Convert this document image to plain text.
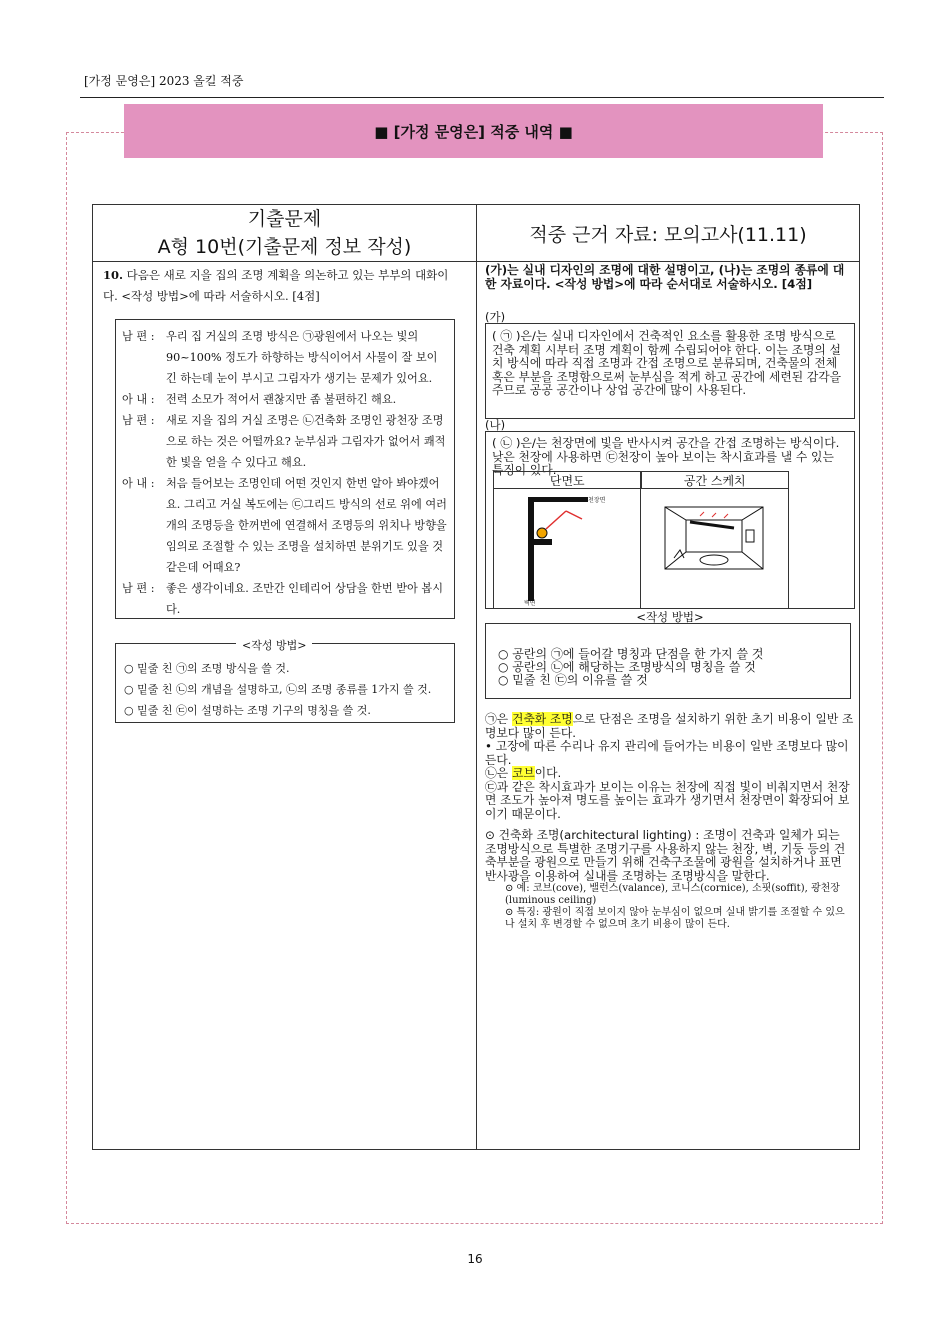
[가정 문영은] 2023 올킬 적중
■ [가정 문영은] 적중 내역 ■
기출문제
A형 10번(기출문제 정보 작성)
적중 근거 자료: 모의고사(11.11)
10. 다음은 새로 지을 집의 조명 계획을 의논하고 있는 부부의 대화이다. <작성 방법>에 따라 서술하시오. [4점]

남 편 :	우리 집 거실의 조명 방식은 ㉠광원에서 나오는 빛의 90~100% 정도가 하향하는 방식이어서 사물이 잘 보이긴 하는데 눈이 부시고 그림자가 생기는 문제가 있어요.

아 내 :	전력 소모가 적어서 괜찮지만 좀 불편하긴 해요.

남 편 :	새로 지을 집의 거실 조명은 ㉡건축화 조명인 광천장 조명으로 하는 것은 어떨까요? 눈부심과 그림자가 없어서 쾌적한 빛을 얻을 수 있다고 해요.

아 내 :	처음 들어보는 조명인데 어떤 것인지 한번 알아 봐야겠어요. 그리고 거실 복도에는 ㉢그리드 방식의 선로 위에 여러 개의 조명등을 한꺼번에 연결해서 조명등의 위치나 방향을 임의로 조절할 수 있는 조명을 설치하면 분위기도 있을 것 같은데 어때요?

남 편 :	좋은 생각이네요. 조만간 인테리어 상담을 한번 받아 봅시다.

<작성 방법>
○ 밑줄 친 ㉠의 조명 방식을 쓸 것.
○ 밑줄 친 ㉡의 개념을 설명하고, ㉡의 조명 종류를 1가지 쓸 것.
○ 밑줄 친 ㉢이 설명하는 조명 기구의 명칭을 쓸 것.
(가)는 실내 디자인의 조명에 대한 설명이고, (나)는 조명의 종류에 대한 자료이다. <작성 방법>에 따라 순서대로 서술하시오. [4점]
(가)
( ㉠ )은/는 실내 디자인에서 건축적인 요소를 활용한 조명 방식으로 건축 계획 시부터 조명 계획이 함께 수립되어야 한다. 이는 조명의 설치 방식에 따라 직접 조명과 간접 조명으로 분류되며, 건축물의 전체 혹은 부분을 조명함으로써 눈부심을 적게 하고 공간에 세련된 감각을 주므로 공공 공간이나 상업 공간에 많이 사용된다.
(나)
( ㉡ )은/는 천장면에 빛을 반사시켜 공간을 간접 조명하는 방식이다. 낮은 천장에 사용하면 ㉢천장이 높아 보이는 착시효과를 낼 수 있는 특징이 있다.
단면도	공간 스케치
천장면
벽면
<작성 방법>
○ 공란의 ㉠에 들어갈 명칭과 단점을 한 가지 쓸 것
○ 공란의 ㉡에 해당하는 조명방식의 명칭을 쓸 것
○ 밑줄 친 ㉢의 이유를 쓸 것
㉠은 건축화 조명으로 단점은 조명을 설치하기 위한 초기 비용이 일반 조명보다 많이 든다.
• 고장에 따른 수리나 유지 관리에 들어가는 비용이 일반 조명보다 많이 든다.
㉡은 코브이다.
㉢과 같은 착시효과가 보이는 이유는 천장에 직접 빛이 비춰지면서 천장면 조도가 높아져 명도를 높이는 효과가 생기면서 천장면이 확장되어 보이기 때문이다.
⊙ 건축화 조명(architectural lighting) : 조명이 건축과 일체가 되는 조명방식으로 특별한 조명기구를 사용하지 않는 천장, 벽, 기둥 등의 건축부분을 광원으로 만들기 위해 건축구조물에 광원을 설치하거나 표면 반사광을 이용하여 실내를 조명하는 조명방식을 말한다.
⊙ 예: 코브(cove), 밸런스(valance), 코니스(cornice), 소핏(soffit), 광천장(luminous ceiling)
⊙ 특징: 광원이 직접 보이지 않아 눈부심이 없으며 실내 밝기를 조절할 수 있으나 설치 후 변경할 수 없으며 초기 비용이 많이 든다.
16
